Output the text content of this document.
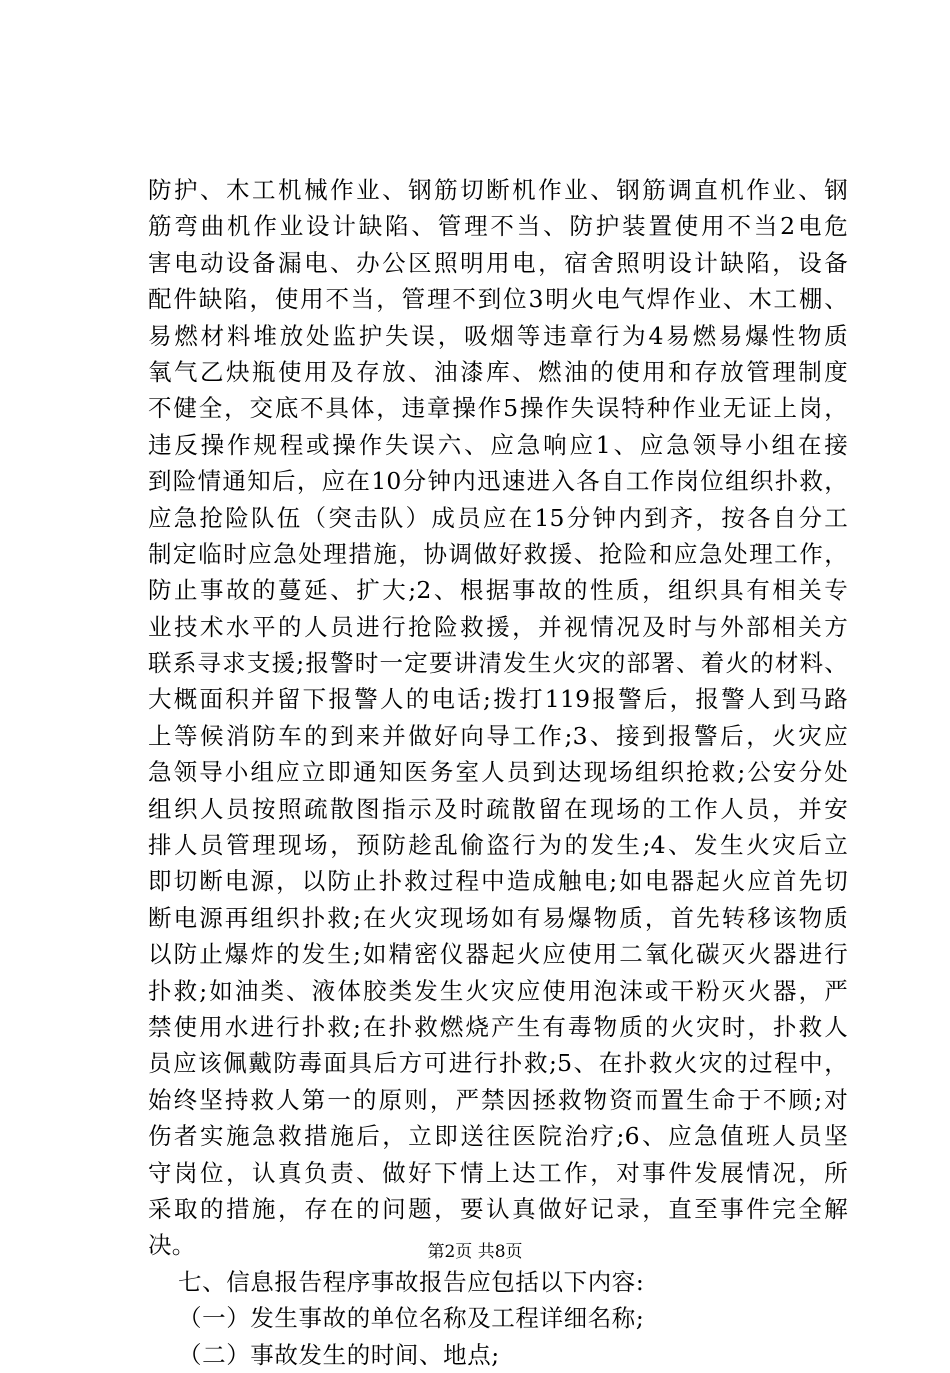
防护、木工机械作业、钢筋切断机作业、钢筋调直机作业、钢
筋弯曲机作业设计缺陷、管理不当、防护装置使用不当2电危
害电动设备漏电、办公区照明用电，宿舍照明设计缺陷，设备
配件缺陷，使用不当，管理不到位3明火电气焊作业、木工棚、
易燃材料堆放处监护失误，吸烟等违章行为4易燃易爆性物质
氧气乙炔瓶使用及存放、油漆库、燃油的使用和存放管理制度
不健全，交底不具体，违章操作5操作失误特种作业无证上岗，
违反操作规程或操作失误六、应急响应1、应急领导小组在接
到险情通知后，应在10分钟内迅速进入各自工作岗位组织扑救，
应急抢险队伍（突击队）成员应在15分钟内到齐，按各自分工
制定临时应急处理措施，协调做好救援、抢险和应急处理工作，
防止事故的蔓延、扩大;2、根据事故的性质，组织具有相关专
业技术水平的人员进行抢险救援，并视情况及时与外部相关方
联系寻求支援;报警时一定要讲清发生火灾的部署、着火的材料、
大概面积并留下报警人的电话;拨打119报警后，报警人到马路
上等候消防车的到来并做好向导工作;3、接到报警后，火灾应
急领导小组应立即通知医务室人员到达现场组织抢救;公安分处
组织人员按照疏散图指示及时疏散留在现场的工作人员，并安
排人员管理现场，预防趁乱偷盗行为的发生;4、发生火灾后立
即切断电源，以防止扑救过程中造成触电;如电器起火应首先切
断电源再组织扑救;在火灾现场如有易爆物质，首先转移该物质
以防止爆炸的发生;如精密仪器起火应使用二氧化碳灭火器进行
扑救;如油类、液体胶类发生火灾应使用泡沫或干粉灭火器，严
禁使用水进行扑救;在扑救燃烧产生有毒物质的火灾时，扑救人
员应该佩戴防毒面具后方可进行扑救;5、在扑救火灾的过程中，
始终坚持救人第一的原则，严禁因拯救物资而置生命于不顾;对
伤者实施急救措施后，立即送往医院治疗;6、应急值班人员坚
守岗位，认真负责、做好下情上达工作，对事件发展情况，所
采取的措施，存在的问题，要认真做好记录，直至事件完全解
决。
七、信息报告程序事故报告应包括以下内容:
（一）发生事故的单位名称及工程详细名称;
（二）事故发生的时间、地点;
第2页 共8页
